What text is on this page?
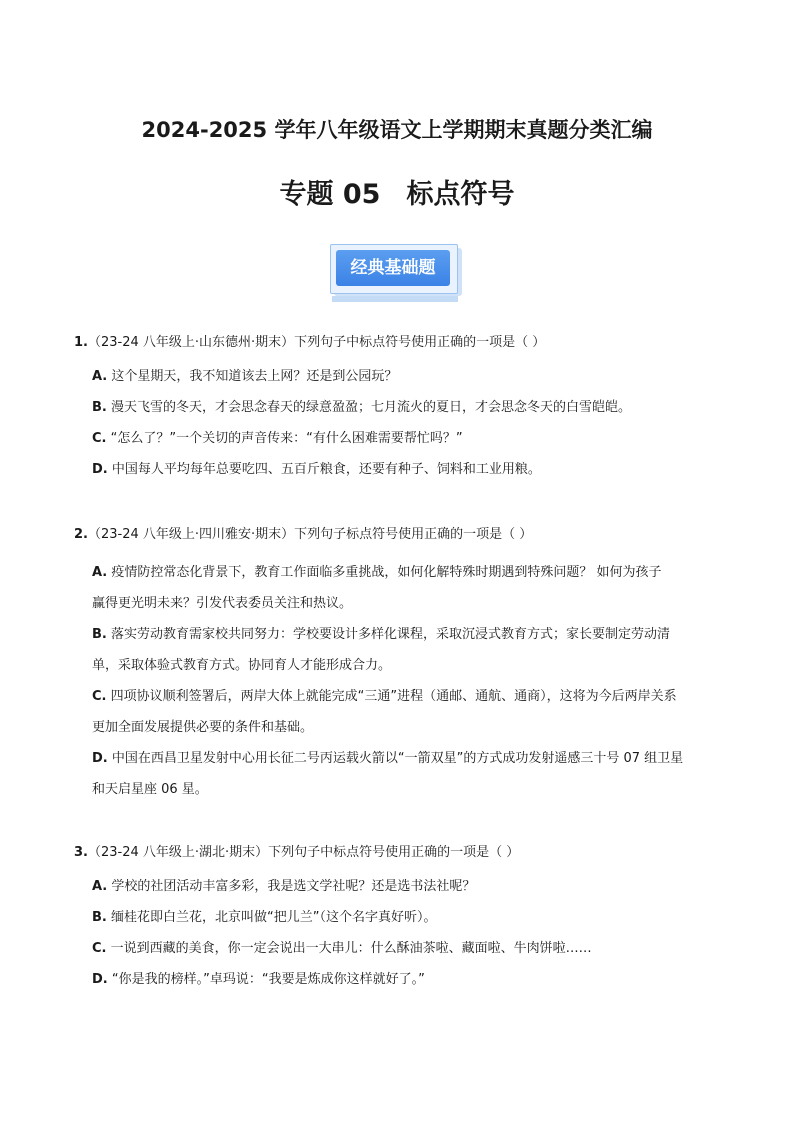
2024-2025 学年八年级语文上学期期末真题分类汇编
专题 05 标点符号
经典基础题
1.（23-24 八年级上·山东德州·期末）下列句子中标点符号使用正确的一项是（ ）
A. 这个星期天，我不知道该去上网？还是到公园玩？
B. 漫天飞雪的冬天，才会思念春天的绿意盈盈；七月流火的夏日，才会思念冬天的白雪皑皑。
C. “怎么了？”一个关切的声音传来：“有什么困难需要帮忙吗？”
D. 中国每人平均每年总要吃四、五百斤粮食，还要有种子、饲料和工业用粮。
2.（23-24 八年级上·四川雅安·期末）下列句子标点符号使用正确的一项是（ ）
A. 疫情防控常态化背景下，教育工作面临多重挑战，如何化解特殊时期遇到特殊问题？ 如何为孩子
赢得更光明未来？引发代表委员关注和热议。
B. 落实劳动教育需家校共同努力：学校要设计多样化课程，采取沉浸式教育方式；家长要制定劳动清
单，采取体验式教育方式。协同育人才能形成合力。
C. 四项协议顺利签署后，两岸大体上就能完成“三通”进程（通邮、通航、通商），这将为今后两岸关系
更加全面发展提供必要的条件和基础。
D. 中国在西昌卫星发射中心用长征二号丙运载火箭以“一箭双星”的方式成功发射遥感三十号 07 组卫星
和天启星座 06 星。
3.（23-24 八年级上·湖北·期末）下列句子中标点符号使用正确的一项是（ ）
A. 学校的社团活动丰富多彩，我是选文学社呢？还是选书法社呢？
B. 缅桂花即白兰花，北京叫做“把儿兰”（这个名字真好听）。
C. 一说到西藏的美食，你一定会说出一大串儿：什么酥油茶啦、藏面啦、牛肉饼啦……
D. “你是我的榜样。”卓玛说：“我要是炼成你这样就好了。”
